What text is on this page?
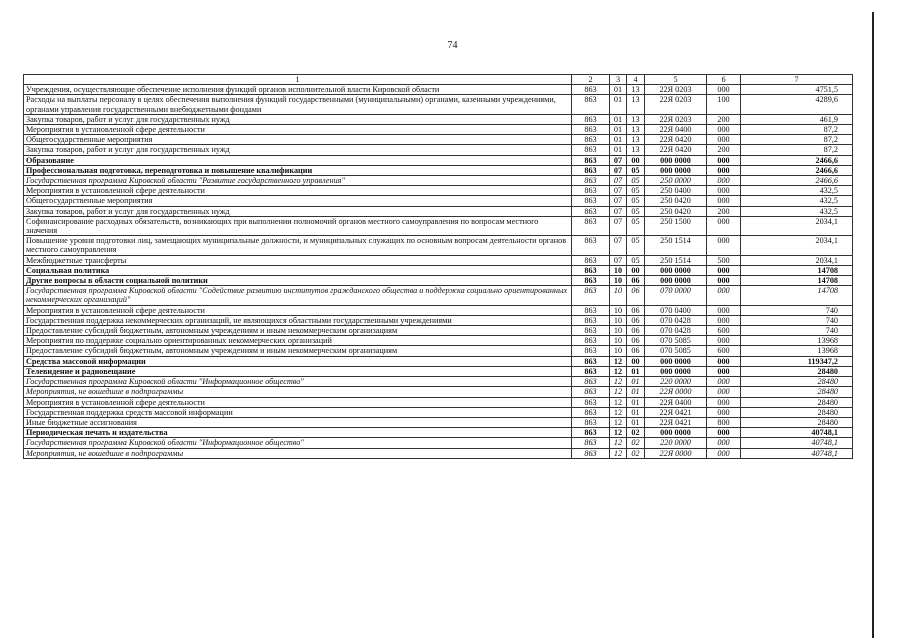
74
1	2	3	4	5	6	7
Учреждения, осуществляющие обеспечение исполнения функций органов исполнительной власти Кировской области	863	01	13	22Я 0203	000	4751,5
Расходы на выплаты персоналу в целях обеспечения выполнения функций государственными (муниципальными) органами, казенными учреждениями, органами управления государственными внебюджетными фондами	863	01	13	22Я 0203	100	4289,6
Закупка товаров, работ и услуг для государственных нужд	863	01	13	22Я 0203	200	461,9
Мероприятия в установленной сфере деятельности	863	01	13	22Я 0400	000	87,2
Общегосударственные мероприятия	863	01	13	22Я 0420	000	87,2
Закупка товаров, работ и услуг для государственных нужд	863	01	13	22Я 0420	200	87,2
Образование	863	07	00	000 0000	000	2466,6
Профессиональная подготовка, переподготовка и повышение квалификации	863	07	05	000 0000	000	2466,6
Государственная программа Кировской области "Развитие государственного управления"	863	07	05	250 0000	000	2466,6
Мероприятия в установленной сфере деятельности	863	07	05	250 0400	000	432,5
Общегосударственные мероприятия	863	07	05	250 0420	000	432,5
Закупка товаров, работ и услуг для государственных нужд	863	07	05	250 0420	200	432,5
Софинансирование расходных обязательств, возникающих при выполнении полномочий органов местного самоуправления по вопросам местного значения	863	07	05	250 1500	000	2034,1
Повышение уровня подготовки лиц, замещающих муниципальные должности, и муниципальных служащих по основным вопросам деятельности органов местного самоуправления	863	07	05	250 1514	000	2034,1
Межбюджетные трансферты	863	07	05	250 1514	500	2034,1
Социальная политика	863	10	00	000 0000	000	14708
Другие вопросы в области социальной политики	863	10	06	000 0000	000	14708
Государственная программа Кировской области "Содействие развитию институтов гражданского общества и поддержка социально ориентированных некоммерческих организаций"	863	10	06	070 0000	000	14708
Мероприятия в установленной сфере деятельности	863	10	06	070 0400	000	740
Государственная поддержка некоммерческих организаций, не являющихся областными государственными учреждениями	863	10	06	070 0428	000	740
Предоставление субсидий бюджетным, автономным учреждениям и иным некоммерческим организациям	863	10	06	070 0428	600	740
Мероприятия по поддержке социально ориентированных некоммерческих организаций	863	10	06	070 5085	000	13968
Предоставление субсидий бюджетным, автономным учреждениям и иным некоммерческим организациям	863	10	06	070 5085	600	13968
Средства массовой информации	863	12	00	000 0000	000	119347,2
Телевидение и радиовещание	863	12	01	000 0000	000	28480
Государственная программа Кировской области "Информационное общество"	863	12	01	220 0000	000	28480
Мероприятия, не вошедшие в подпрограммы	863	12	01	22Я 0000	000	28480
Мероприятия в установленной сфере деятельности	863	12	01	22Я 0400	000	28480
Государственная поддержка средств массовой информации	863	12	01	22Я 0421	000	28480
Иные бюджетные ассигнования	863	12	01	22Я 0421	800	28480
Периодическая печать и издательства	863	12	02	000 0000	000	40748,1
Государственная программа Кировской области "Информационное общество"	863	12	02	220 0000	000	40748,1
Мероприятия, не вошедшие в подпрограммы	863	12	02	22Я 0000	000	40748,1
